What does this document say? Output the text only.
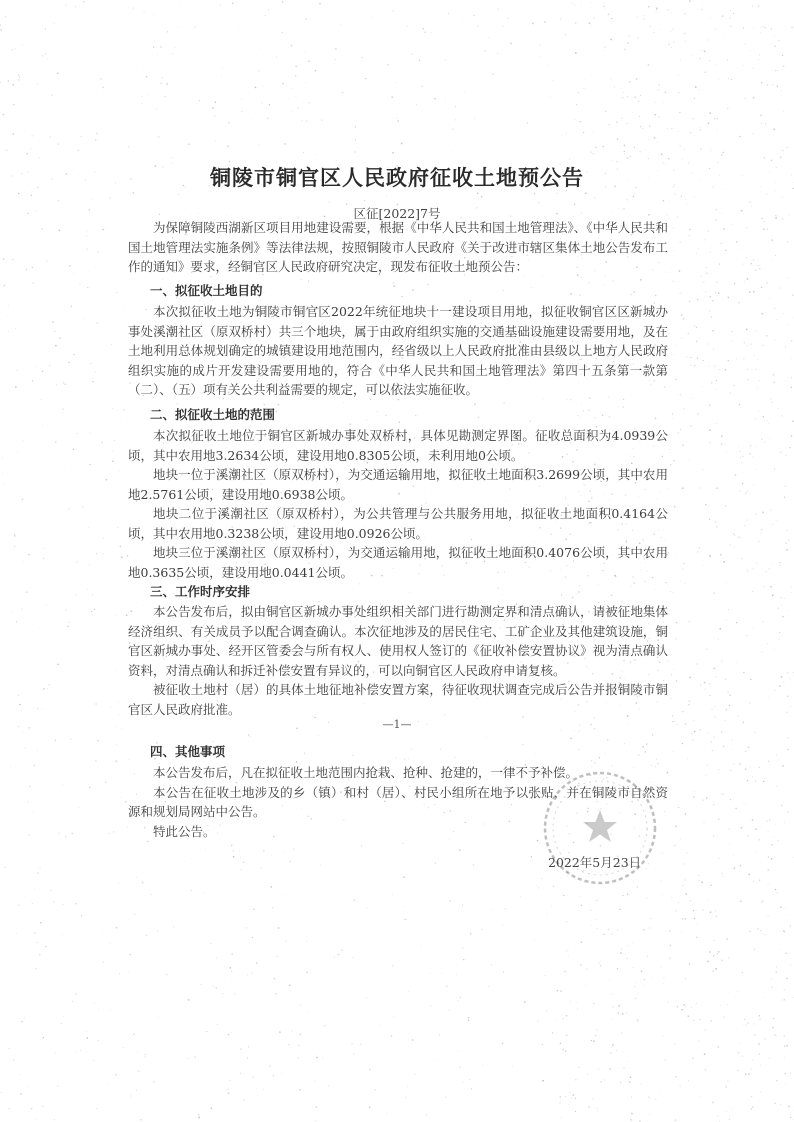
铜陵市铜官区人民政府征收土地预公告
区征[2022]7号

为保障铜陵西湖新区项目用地建设需要，根据《中华人民共和国土地管理法》、《中华人民共和国土地管理法实施条例》等法律法规，按照铜陵市人民政府《关于改进市辖区集体土地公告发布工作的通知》要求，经铜官区人民政府研究决定，现发布征收土地预公告：

一、拟征收土地目的

本次拟征收土地为铜陵市铜官区2022年统征地块十一建设项目用地，拟征收铜官区区新城办事处溪潮社区（原双桥村）共三个地块，属于由政府组织实施的交通基础设施建设需要用地，及在土地利用总体规划确定的城镇建设用地范围内，经省级以上人民政府批准由县级以上地方人民政府组织实施的成片开发建设需要用地的，符合《中华人民共和国土地管理法》第四十五条第一款第（二）、（五）项有关公共利益需要的规定，可以依法实施征收。

二、拟征收土地的范围

本次拟征收土地位于铜官区新城办事处双桥村，具体见勘测定界图。征收总面积为4.0939公顷，其中农用地3.2634公顷，建设用地0.8305公顷，未利用地0公顷。

地块一位于溪潮社区（原双桥村），为交通运输用地，拟征收土地面积3.2699公顷，其中农用地2.5761公顷，建设用地0.6938公顷。

地块二位于溪潮社区（原双桥村），为公共管理与公共服务用地，拟征收土地面积0.4164公顷，其中农用地0.3238公顷，建设用地0.0926公顷。

地块三位于溪潮社区（原双桥村），为交通运输用地，拟征收土地面积0.4076公顷，其中农用地0.3635公顷，建设用地0.0441公顷。

三、工作时序安排

本公告发布后，拟由铜官区新城办事处组织相关部门进行勘测定界和清点确认，请被征地集体经济组织、有关成员予以配合调查确认。本次征地涉及的居民住宅、工矿企业及其他建筑设施，铜官区新城办事处、经开区管委会与所有权人、使用权人签订的《征收补偿安置协议》视为清点确认资料，对清点确认和拆迁补偿安置有异议的，可以向铜官区人民政府申请复核。

被征收土地村（居）的具体土地征地补偿安置方案，待征收现状调查完成后公告并报铜陵市铜官区人民政府批准。

—1—
四、其他事项

本公告发布后，凡在拟征收土地范围内抢栽、抢种、抢建的，一律不予补偿。

本公告在征收土地涉及的乡（镇）和村（居）、村民小组所在地予以张贴，并在铜陵市自然资源和规划局网站中公告。

特此公告。

2022年5月23日
